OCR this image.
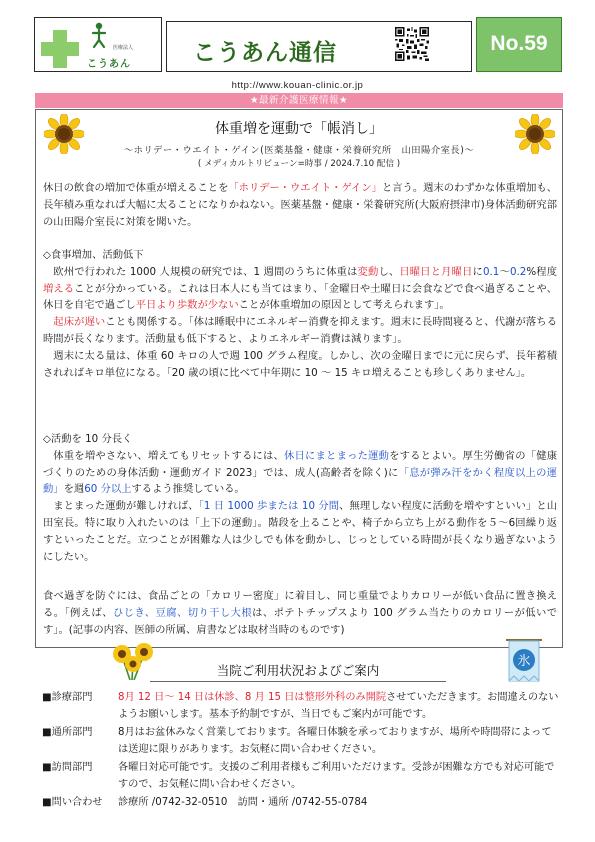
医療法人
こうあん	こうあん通信	No.59
http://www.kouan-clinic.or.jp
★最新介護医療情報★
体重増を運動で「帳消し」
～ホリデー・ウエイト・ゲイン(医薬基盤・健康・栄養研究所　山田陽介室長)～
( メディカルトリビューン=時事 / 2024.7.10 配信 )

休日の飲食の増加で体重が増えることを「ホリデー・ウエイト・ゲイン」と言う。週末のわずかな体重増加も、長年積み重なれば大幅に太ることになりかねない。医薬基盤・健康・栄養研究所(大阪府摂津市)身体活動研究部の山田陽介室長に対策を聞いた。

◇食事増加、活動低下

欧州で行われた 1000 人規模の研究では、1 週間のうちに体重は変動し、日曜日と月曜日に0.1～0.2%程度増えることが分かっている。これは日本人にも当てはまり、「金曜日や土曜日に会食などで食べ過ぎることや、休日を自宅で過ごし平日より歩数が少ないことが体重増加の原因として考えられます」。

起床が遅いことも関係する。「体は睡眠中にエネルギー消費を抑えます。週末に長時間寝ると、代謝が落ちる時間が長くなります。活動量も低下すると、よりエネルギー消費は減ります」。

週末に太る量は、体重 60 キロの人で週 100 グラム程度。しかし、次の金曜日までに元に戻らず、長年蓄積されればキロ単位になる。「20 歳の頃に比べて中年期に 10 ～ 15 キロ増えることも珍しくありません」。

◇活動を 10 分長く

体重を増やさない、増えてもリセットするには、休日にまとまった運動をするとよい。厚生労働省の「健康づくりのための身体活動・運動ガイド 2023」では、成人(高齢者を除く)に「息が弾み汗をかく程度以上の運動」を週60 分以上するよう推奨している。

まとまった運動が難しければ、「1 日 1000 歩または 10 分間、無理しない程度に活動を増やすといい」と山田室長。特に取り入れたいのは「上下の運動」。階段を上ることや、椅子から立ち上がる動作を５～6回繰り返すといったことだ。立つことが困難な人は少しでも体を動かし、じっとしている時間が長くなり過ぎないようにしたい。

食べ過ぎを防ぐには、食品ごとの「カロリー密度」に着目し、同じ重量でよりカロリーが低い食品に置き換える。「例えば、ひじき、豆腐、切り干し大根は、ポテトチップスより 100 グラム当たりのカロリーが低いです」。(記事の内容、医師の所属、肩書などは取材当時のものです)

氷
当院ご利用状況およびご案内
■診療部門	8月 12 日～ 14 日は休診、8 月 15 日は整形外科のみ開院させていただきます。お間違えのないようお願いします。基本予約制ですが、当日でもご案内が可能です。
■通所部門	8月はお盆休みなく営業しております。各曜日体験を承っておりますが、場所や時間帯によっては送迎に限りがあります。お気軽に問い合わせください。
■訪問部門	各曜日対応可能です。支援のご利用者様もご利用いただけます。受診が困難な方でも対応可能ですので、お気軽に問い合わせください。
■問い合わせ	診療所 /0742-32-0510　訪問・通所 /0742-55-0784
